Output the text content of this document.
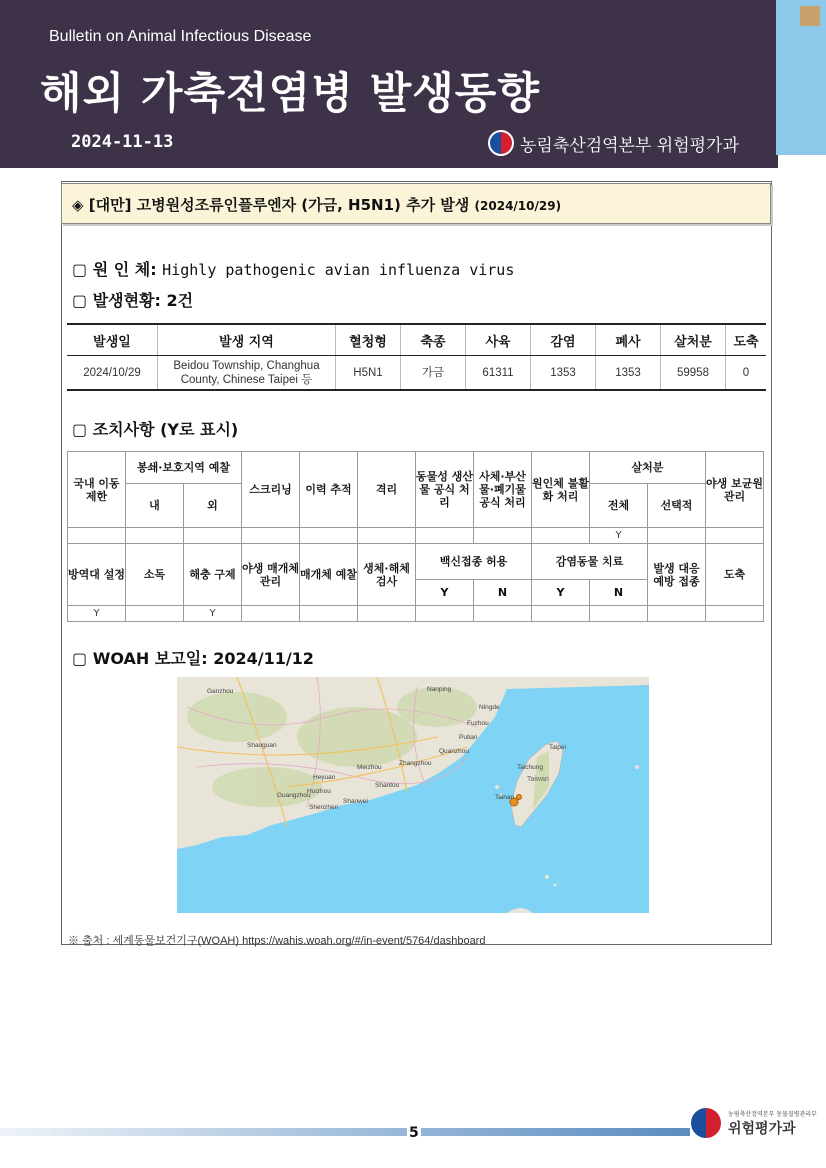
Bulletin on Animal Infectious Disease
해외 가축전염병 발생동향
2024-11-13	농림축산검역본부 위험평가과
◈ [대만] 고병원성조류인플루엔자 (가금, H5N1) 추가 발생 (2024/10/29)
▢ 원 인 체: Highly pathogenic avian influenza virus
▢ 발생현황: 2건
발생일	발생 지역	혈청형	축종	사육	감염	폐사	살처분	도축
2024/10/29	Beidou Township, Changhua County, Chinese Taipei 등	H5N1	가금	61311	1353	1353	59958	0
▢ 조치사항 (Y로 표시)
국내 이동 제한	봉쇄·보호지역 예찰		스크리닝	이력 추적	격리	동물성 생산물 공식 처리	사체·부산물·폐기물 공식 처리	원인체 불활화 처리	살처분		야생 보균원 관리
	내	외							전체	선택적	
									Y		
방역대 설정	소독	해충 구제	야생 매개체 관리	매개체 예찰	생체·해체 검사	백신접종 허용		감염동물 치료		발생 대응 예방 접종	도축
						Y	N	Y	N		
Y		Y									
▢ WOAH 보고일: 2024/11/12
Nanping
Ningde
Fuzhou
Putian
Quanzhou
Zhangzhou
Meizhou
Shantou
Heyuan
Huizhou
Shenzhen
Guangzhou
Shanwei
Shaoguan
Ganzhou
Taipei
Taichung
Tainan
Taiwan
※ 출처 : 세계동물보건기구(WOAH) https://wahis.woah.org/#/in-event/5764/dashboard
5
농림축산검역본부 동물질병관리부
위험평가과
